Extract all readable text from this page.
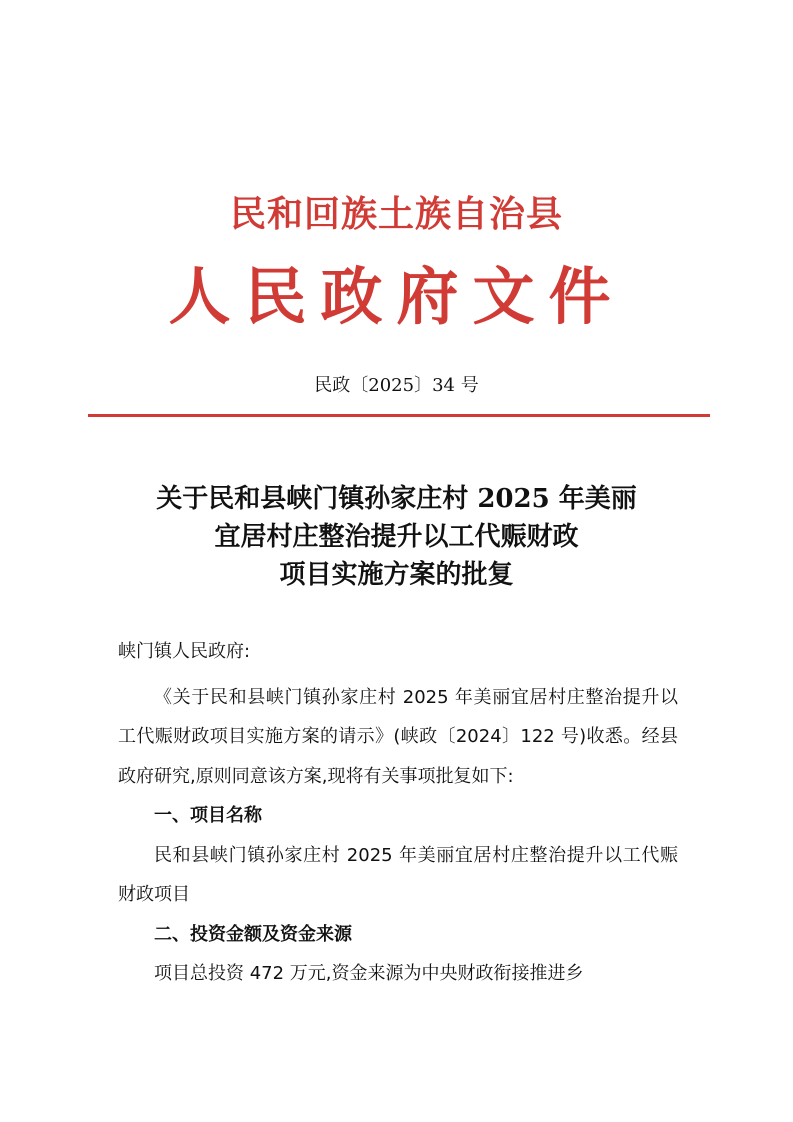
民和回族土族自治县
人民政府文件
民政〔2025〕34 号
关于民和县峡门镇孙家庄村 2025 年美丽
宜居村庄整治提升以工代赈财政
项目实施方案的批复

峡门镇人民政府:

《关于民和县峡门镇孙家庄村 2025 年美丽宜居村庄整治提升以工代赈财政项目实施方案的请示》(峡政〔2024〕122 号)收悉。经县政府研究,原则同意该方案,现将有关事项批复如下:

一、项目名称

民和县峡门镇孙家庄村 2025 年美丽宜居村庄整治提升以工代赈财政项目

二、投资金额及资金来源

项目总投资 472 万元,资金来源为中央财政衔接推进乡
